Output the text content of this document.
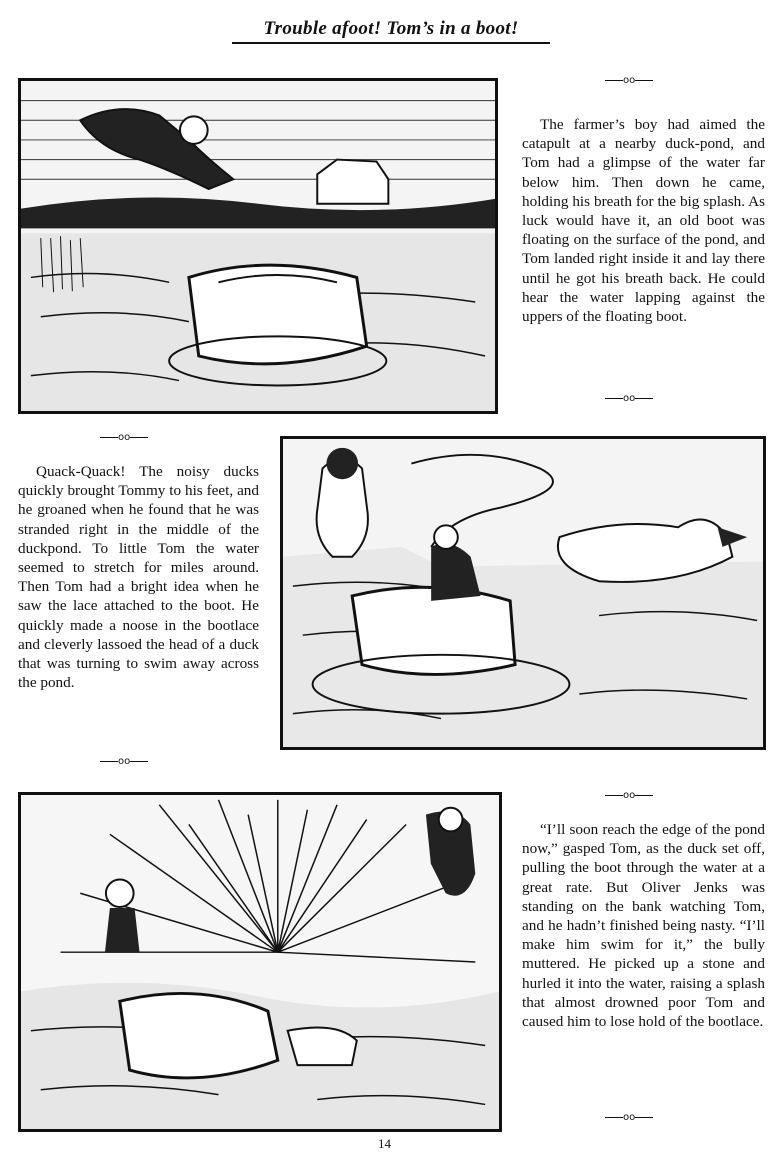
Trouble afoot! Tom’s in a boot!
oo

The farmer’s boy had aimed the catapult at a nearby duck-pond, and Tom had a glimpse of the water far below him. Then down he came, holding his breath for the big splash. As luck would have it, an old boot was floating on the surface of the pond, and Tom landed right inside it and lay there until he got his breath back. He could hear the water lapping against the uppers of the floating boot.

oo
oo

Quack-Quack! The noisy ducks quickly brought Tommy to his feet, and he groaned when he found that he was stranded right in the middle of the duckpond. To little Tom the water seemed to stretch for miles around. Then Tom had a bright idea when he saw the lace attached to the boot. He quickly made a noose in the bootlace and cleverly lassoed the head of a duck that was turning to swim away across the pond.

oo
oo

“I’ll soon reach the edge of the pond now,” gasped Tom, as the duck set off, pulling the boot through the water at a great rate. But Oliver Jenks was standing on the bank watching Tom, and he hadn’t finished being nasty. “I’ll make him swim for it,” the bully muttered. He picked up a stone and hurled it into the water, raising a splash that almost drowned poor Tom and caused him to lose hold of the bootlace.

oo
14
